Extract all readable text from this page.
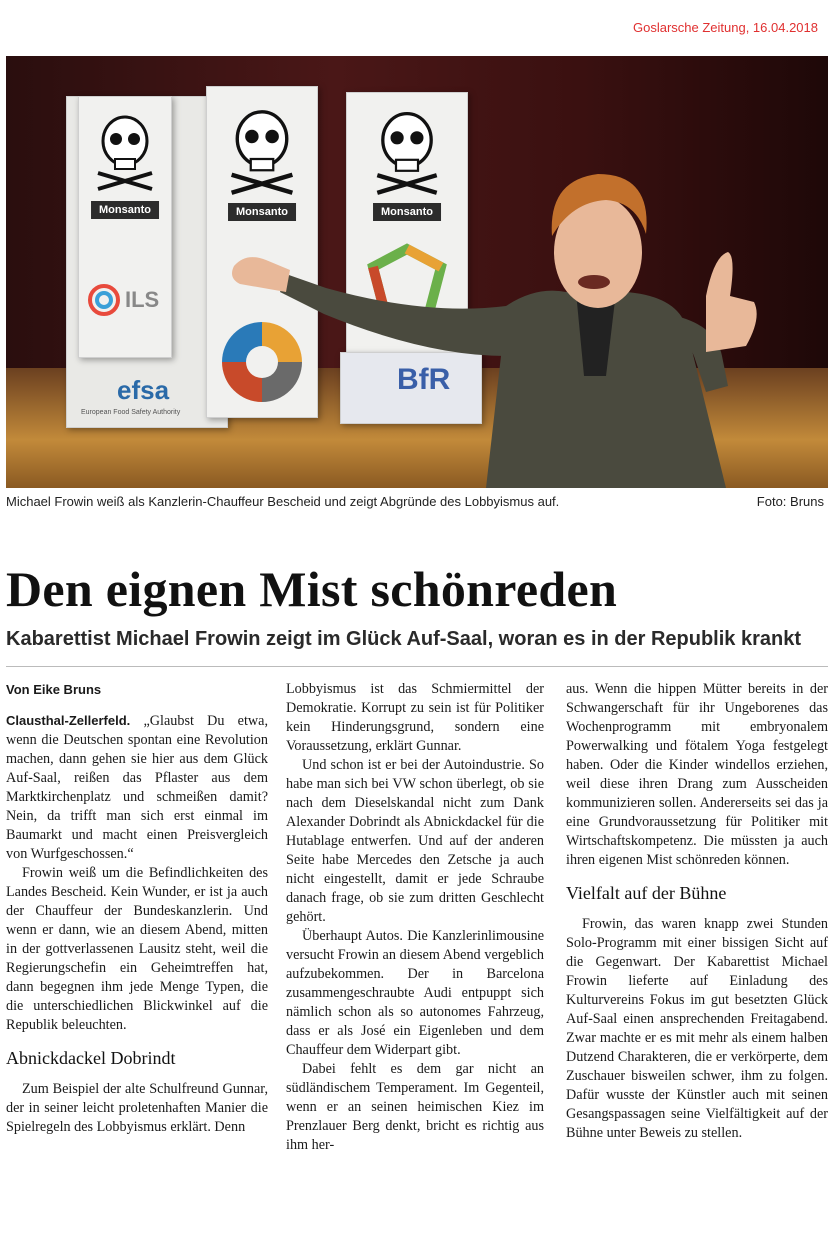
Goslarsche Zeitung, 16.04.2018
efsa
European Food Safety Authority
Monsanto
ILS
Monsanto	Monsanto
BfR
Michael Frowin weiß als Kanzlerin-Chauffeur Bescheid und zeigt Abgründe des Lobbyismus auf.	Foto: Bruns
Den eignen Mist schönreden
Kabarettist Michael Frowin zeigt im Glück Auf-Saal, woran es in der Republik krankt
Von Eike Bruns

Clausthal-Zellerfeld. „Glaubst Du etwa, wenn die Deutschen spontan eine Revolution machen, dann gehen sie hier aus dem Glück Auf-Saal, reißen das Pflaster aus dem Marktkirchenplatz und schmeißen damit? Nein, da trifft man sich erst einmal im Baumarkt und macht einen Preisvergleich von Wurfgeschossen.“

Frowin weiß um die Befindlichkeiten des Landes Bescheid. Kein Wunder, er ist ja auch der Chauffeur der Bundeskanzlerin. Und wenn er dann, wie an diesem Abend, mitten in der gottverlassenen Lausitz steht, weil die Regierungschefin ein Geheimtreffen hat, dann begegnen ihm jede Menge Typen, die die unterschiedlichen Blickwinkel auf die Republik beleuchten.

Abnickdackel Dobrindt

Zum Beispiel der alte Schulfreund Gunnar, der in seiner leicht proletenhaften Manier die Spielregeln des Lobbyismus erklärt. Denn

Lobbyismus ist das Schmiermittel der Demokratie. Korrupt zu sein ist für Politiker kein Hinderungsgrund, sondern eine Voraussetzung, erklärt Gunnar.

Und schon ist er bei der Autoindustrie. So habe man sich bei VW schon überlegt, ob sie nach dem Dieselskandal nicht zum Dank Alexander Dobrindt als Abnickdackel für die Hutablage entwerfen. Und auf der anderen Seite habe Mercedes den Zetsche ja auch nicht eingestellt, damit er jede Schraube danach frage, ob sie zum dritten Geschlecht gehört.

Überhaupt Autos. Die Kanzlerinlimousine versucht Frowin an diesem Abend vergeblich aufzubekommen. Der in Barcelona zusammengeschraubte Audi entpuppt sich nämlich schon als so autonomes Fahrzeug, dass er als José ein Eigenleben und dem Chauffeur dem Widerpart gibt.

Dabei fehlt es dem gar nicht an südländischem Temperament. Im Gegenteil, wenn er an seinen heimischen Kiez im Prenzlauer Berg denkt, bricht es richtig aus ihm her-

aus. Wenn die hippen Mütter bereits in der Schwangerschaft für ihr Ungeborenes das Wochenprogramm mit embryonalem Powerwalking und fötalem Yoga festgelegt haben. Oder die Kinder windellos erziehen, weil diese ihren Drang zum Ausscheiden kommunizieren sollen. Andererseits sei das ja eine Grundvoraussetzung für Politiker mit Wirtschaftskompetenz. Die müssten ja auch ihren eigenen Mist schönreden können.

Vielfalt auf der Bühne

Frowin, das waren knapp zwei Stunden Solo-Programm mit einer bissigen Sicht auf die Gegenwart. Der Kabarettist Michael Frowin lieferte auf Einladung des Kulturvereins Fokus im gut besetzten Glück Auf-Saal einen ansprechenden Freitagabend. Zwar machte er es mit mehr als einem halben Dutzend Charakteren, die er verkörperte, dem Zuschauer bisweilen schwer, ihm zu folgen. Dafür wusste der Künstler auch mit seinen Gesangspassagen seine Vielfältigkeit auf der Bühne unter Beweis zu stellen.
